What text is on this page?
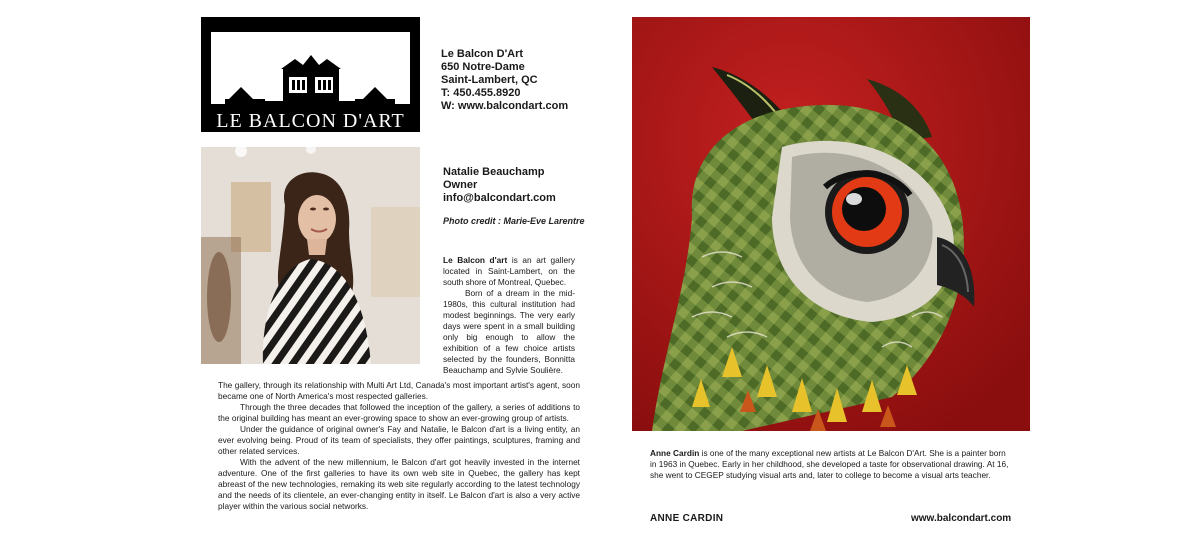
LE BALCON D'ART
Le Balcon D'Art
650 Notre-Dame
Saint-Lambert, QC
T: 450.455.8920
W: www.balcondart.com
Natalie Beauchamp
Owner
info@balcondart.com
Photo credit : Marie-Eve Larentre

Le Balcon d'art is an art gallery located in Saint-Lambert, on the south shore of Montreal, Quebec.

Born of a dream in the mid-1980s, this cultural institution had modest beginnings. The very early days were spent in a small building only big enough to allow the exhibition of a few choice artists selected by the founders, Bonnitta Beauchamp and Sylvie Soulière.

The gallery, through its relationship with Multi Art Ltd, Canada's most important artist's agent, soon became one of North America's most respected galleries.

Through the three decades that followed the inception of the gallery, a series of additions to the original building has meant an ever-growing space to show an ever-growing group of artists.

Under the guidance of original owner's Fay and Natalie, le Balcon d'art is a living entity, an ever evolving being. Proud of its team of specialists, they offer paintings, sculptures, framing and other related services.

With the advent of the new millennium, le Balcon d'art got heavily invested in the internet adventure. One of the first galleries to have its own web site in Quebec, the gallery has kept abreast of the new technologies, remaking its web site regularly according to the latest technology and the needs of its clientele, an ever-changing entity in itself. Le Balcon d'art is also a very active player within the various social networks.

Anne Cardin is one of the many exceptional new artists at Le Balcon D'Art. She is a painter born in 1963 in Quebec. Early in her childhood, she developed a taste for observational drawing. At 16, she went to CEGEP studying visual arts and, later to college to become a visual arts teacher.
ANNE CARDIN	www.balcondart.com
